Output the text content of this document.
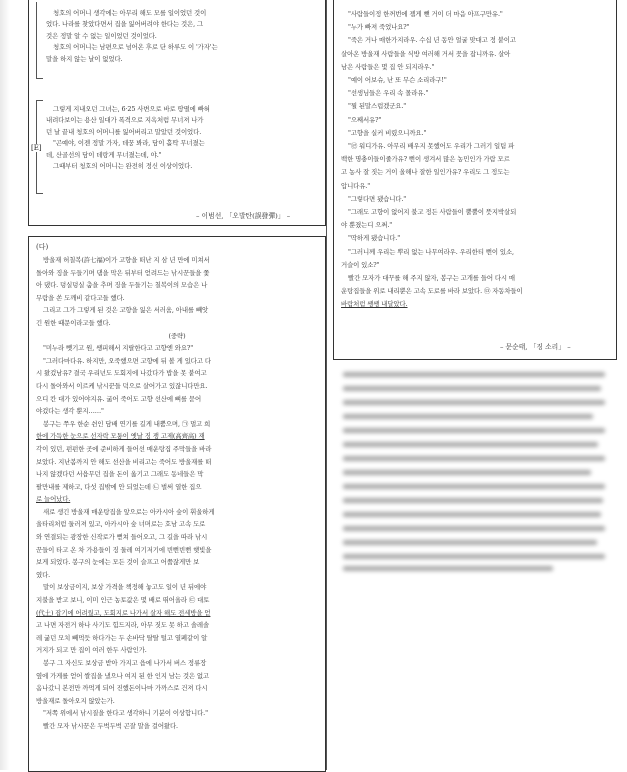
청호의 어머니 생각에는 아무리 해도 모를 일이었던 것이
었다. 나라를 찾았다면서 집을 잃어버려야 한다는 것은, 그
것은 정말 알 수 없는 일이었던 것이었다.
청호의 어머니는 남편으로 넘어온 후로 단 하루도 이 '가자'는
말을 하지 않는 날이 없었다.
[E]
그렇게 지내오던 그녀는, 6·25 사변으로 바로 땅떨에 빠혀
내려다보이는 용산 일대가 폭격으로 지옥처럼 무너져 나가
던 날 끝내 청호의 어머니를 잃어버리고 말았던 것이었다.
"곤예야, 이젠 정말 가자, 데꿍 봐라, 담이 홀딱 무너졌는
데, 산골선의 담이 데랑게 무너졌는데, 야."
그때부터 청호의 어머니는 완전히 정신 이상이었다.
– 이범선, 「오발탄(誤發彈)」 –
(다)
방울재 허칠복(許七福)이가 고향을 떠난 지 삼 년 만에 미쳐서
돌아와 징을 두들기며 댐을 막은 뒤부터 얻려드는 낚시꾼들을 쫓
아 댔다. 덩실덩실 춤을 추며 징을 두들기는 칠복이의 모습은 나
무람을 쏜 도깨비 같다고들 했다.
그리고 그가 그렇게 된 것은 고향을 잃은 서러움, 아내를 빼앗
긴 원한 때문이라고들 했다.
(중략)
"미누라 뺏기고 원, 쌩피해서 지랄한다고 고향엔 와요?"
"그러다마다유. 하지만, 오죽했으면 고향에 뒤 볼 게 있다고 다
시 왔겄남유? 결국 우리넌도 도회지에 나갔다가 밥을 못 붙여고
다시 돌아와서 이르케 낚시꾼들 덕으로 살어가고 있잖니다만요.
으디 칸 대가 있어야지유. 굶어 죽어도 고향 선산에 뼈를 묻어
야겄다는 생각 뿐지……"
봉구는 쭈우 한순 쉰인 담배 연기를 길게 내뿜으며, ㉠ 멀고 희
한에 가득한 눈으로 선자락 모퉁이 옛날 징 쟁 고제(高齊高) 재
각이 있던, 펀펀한 곳에 준비하게 들어선 매운탕집 주막들을 바라
보았다. 지난봄까지 안 해도 선산을 비리고는 죽어도 방울재를 떠
나지 않겠다던 서읍무던 집을 돈이 옮기고 그래도 동네들은 막
팔만내를 제하고, 다섯 집밖에 안 되었는데 ㉡ 벌써 열한 집으
로 늘어났다.
새로 생긴 방울재 매운탕집을 앞으로는 아카시아 숲이 휘울하게
울타리처럼 둘러져 있고, 아카시아 숲 너머로는 호남 고속 도로
와 연결되는 광장한 신작로가 뻗쳐 들어오고, 그 길을 따라 낚시
꾼들이 타고 온 차 가용들이 징 둘레 여기저기에 빈뻔빈뻔 햇빛을
보게 되었다. 봉구의 눈에는 모든 것이 슬프고 어쭙잖게만 보
였다.
말이 보상금이지, 보상 가격을 책정해 놓고도 일이 년 뒤에야
지불을 받고 보니, 이미 인근 농토값은 몇 배로 뛰어올라 ㉢ 대토
(代土) 잡기에 어려웠고, 도회지로 나가서 살자 해도 전세방을 얻
고 나면 자전거 하나 사기도 힘드지라, 아무 짓도 못 하고 솔레솔
레 굶던 모치 빼먹듯 하다가는 두 손바닥 탈탈 털고 열폐같이 알
거지가 되고 만 집이 여러 한두 사람인가.
봉구 그 자신도 보상금 받아 가지고 읍에 나가서 버스 정류장
옆에 가게를 얻어 쌀집을 냈으나 여지 된 한 인지 남는 것은 없고
옴나갔니 본전만 까먹게 되어 진했돈이나마 가까스로 건져 다시
방울재로 돌아오지 않았는가.
"저쪽 위에서 낚시질을 한다고 생각하니 기분이 이상합니다."
빨간 모자 낚시꾼은 두벅두벅 곤잘 말을 걸어왔다.
"사람들이정 한꺼번에 젬게 뺀 거이 더 마음 아프구만유."
"누가 빠져 죽었나요?"
"죽은 거나 매한가지라우. 수십 년 동안 얼굴 맞대고 정 붙이고
살아온 방울재 사람들을 식방 여러해 거서 꼿을 잡니까유. 살아
남은 사람들은 몇 집 안 되지라우."
"예이 어보슈, 난 또 무슨 소리라구!"
"선생님들은 우리 속 몰라유."
"뭘 된말스럽겠군요."
"으째서유?"
"고향을 실커 비렸으니까요."
"㉣ 워디가유. 아무리 배우지 못했어도 우리가 그러기 일팀 파
백한 명충이들이줄가유? 뻔이 생겨서 많은 농민인가 가람 모르
고 농사 잘 짓는 거이 올해나 잘한 일인가유? 우리도 그 정도는
압니다유."
"그렇다면 됐습니다."
"그래도 고향이 없어지 불고 정든 사람들이 뿔뿔이 뜻지박살되
야 뿐졌는디 으쩌."
"딱하게 됐습니다."
"그러니께 우리는 뿌리 없는 나무여라우. 우리한티 뻔이 있소,
거슬이 있소?"
빨간 모자가 대꾸를 해 주지 않자, 봉구는 고개를 들어 다시 매
운탕집들을 위로 내리뿐은 고속 도로를 바라 보았다. ㉤ 자동차들이
바람처럼 쌩쌩 내달았다.
– 문순태, 「징 소리」 –
